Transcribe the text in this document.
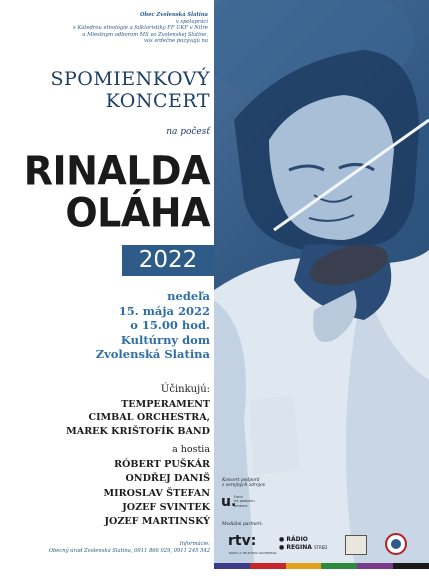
Obec Zvolenská Slatina
v spolupráci
s Katedrou etnológie a folkloristiky FF UKF v Nitre
a Miestnym odborom MS vo Zvolenskej Slatine,
vás srdečne pozývajú na
SPOMIENKOVÝ
KONCERT
na počesť
RINALDA
OLÁHA
2022
nedeľa
15. mája 2022
o 15.00 hod.
Kultúrny dom
Zvolenská Slatina
Účinkujú:
TEMPERAMENT
CIMBAL ORCHESTRA,
MAREK KRIŠTOFÍK BAND
a hostia
RÓBERT PUŠKÁR
ONDŘEJ DANIŠ
MIROSLAV ŠTEFAN
JOZEF SVINTEK
JOZEF MARTINSKÝ
Informácie:
Obecný úrad Zvolenská Slatina, 0911 866 029, 0911 245 542
Koncert podporil
z verejných zdrojov
u.
Fond
na podporu
umenia
Mediálni partneri:
rtv:
RADIO A TELEVÍZIA SLOVENSKA
● RÁDIO
● REGINA STRED
